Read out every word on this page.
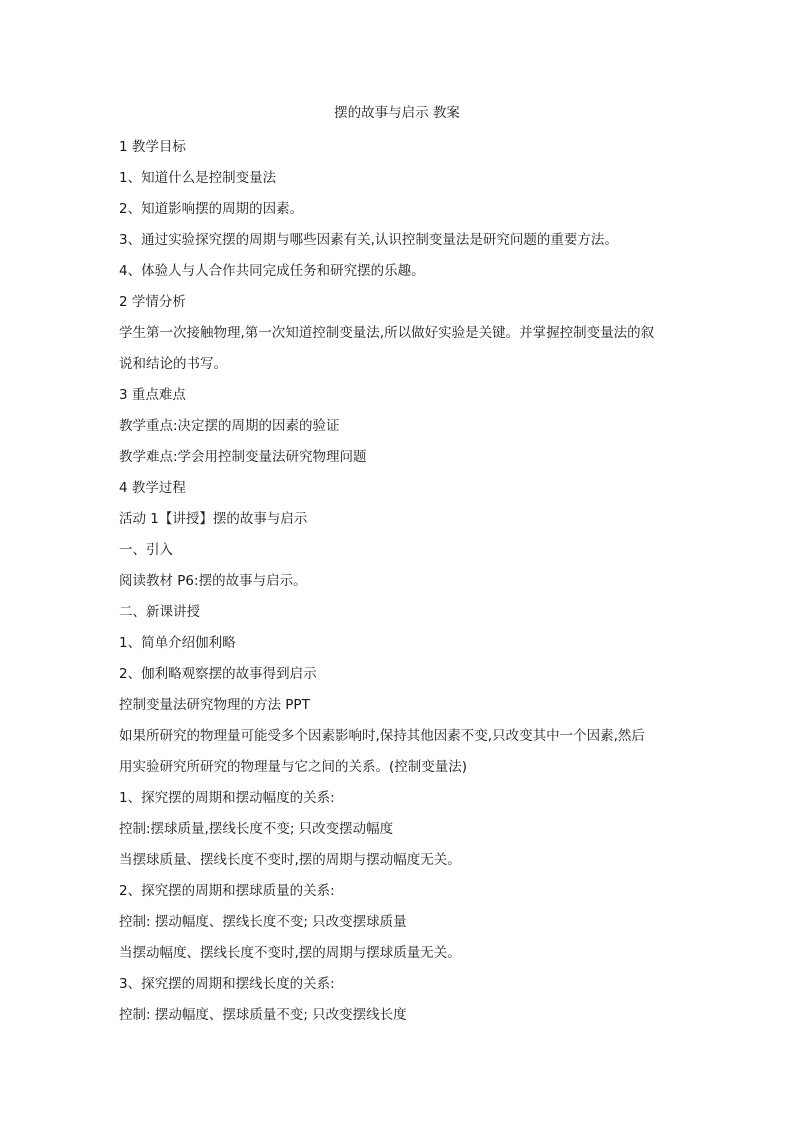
摆的故事与启示 教案
1 教学目标
1、知道什么是控制变量法
2、知道影响摆的周期的因素。
3、通过实验探究摆的周期与哪些因素有关,认识控制变量法是研究问题的重要方法。
4、体验人与人合作共同完成任务和研究摆的乐趣。
2 学情分析
学生第一次接触物理,第一次知道控制变量法,所以做好实验是关键。并掌握控制变量法的叙
说和结论的书写。
3 重点难点
教学重点:决定摆的周期的因素的验证
教学难点:学会用控制变量法研究物理问题
4 教学过程
活动 1【讲授】摆的故事与启示
一、引入
阅读教材 P6:摆的故事与启示。
二、新课讲授
1、简单介绍伽利略
2、伽利略观察摆的故事得到启示
控制变量法研究物理的方法 PPT
如果所研究的物理量可能受多个因素影响时,保持其他因素不变,只改变其中一个因素,然后
用实验研究所研究的物理量与它之间的关系。(控制变量法)
1、探究摆的周期和摆动幅度的关系:
控制:摆球质量,摆线长度不变; 只改变摆动幅度
当摆球质量、摆线长度不变时,摆的周期与摆动幅度无关。
2、探究摆的周期和摆球质量的关系:
控制: 摆动幅度、摆线长度不变; 只改变摆球质量
当摆动幅度、摆线长度不变时,摆的周期与摆球质量无关。
3、探究摆的周期和摆线长度的关系:
控制: 摆动幅度、摆球质量不变; 只改变摆线长度
